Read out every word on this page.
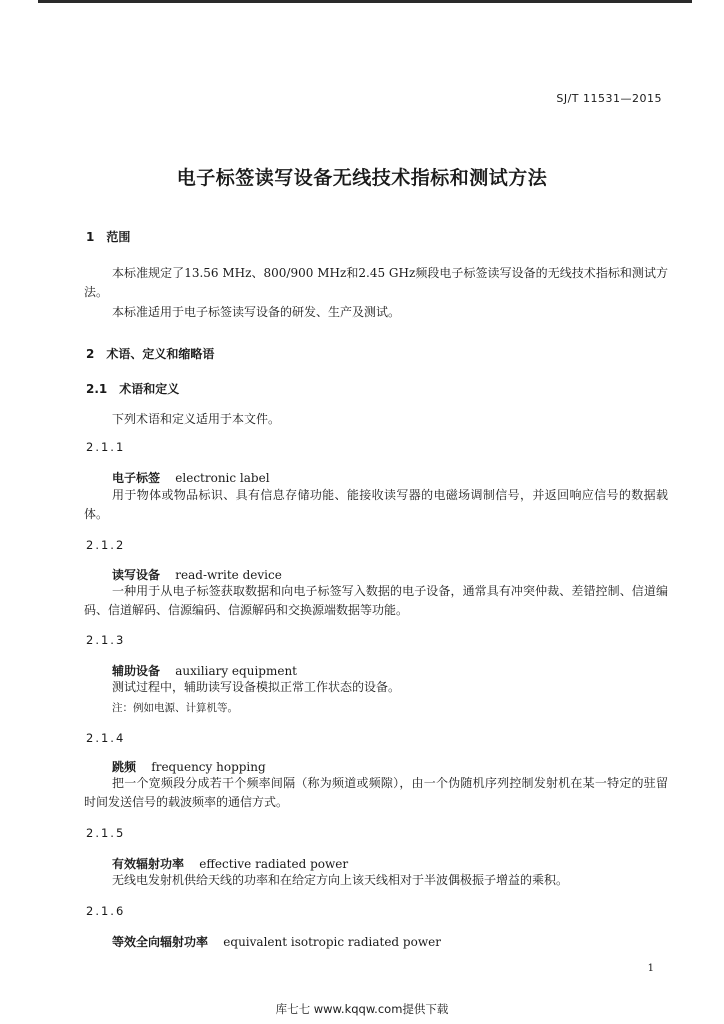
SJ/T 11531—2015
电子标签读写设备无线技术指标和测试方法
1　范围
本标准规定了13.56 MHz、800/900 MHz和2.45 GHz频段电子标签读写设备的无线技术指标和测试方法。
本标准适用于电子标签读写设备的研发、生产及测试。
2　术语、定义和缩略语
2.1　术语和定义
下列术语和定义适用于本文件。
2.1.1
电子标签 electronic label
用于物体或物品标识、具有信息存储功能、能接收读写器的电磁场调制信号，并返回响应信号的数据载体。
2.1.2
读写设备 read-write device
一种用于从电子标签获取数据和向电子标签写入数据的电子设备，通常具有冲突仲裁、差错控制、信道编码、信道解码、信源编码、信源解码和交换源端数据等功能。
2.1.3
辅助设备 auxiliary equipment
测试过程中，辅助读写设备模拟正常工作状态的设备。
注：例如电源、计算机等。
2.1.4
跳频 frequency hopping
把一个宽频段分成若干个频率间隔（称为频道或频隙），由一个伪随机序列控制发射机在某一特定的驻留时间发送信号的载波频率的通信方式。
2.1.5
有效辐射功率 effective radiated power
无线电发射机供给天线的功率和在给定方向上该天线相对于半波偶极振子增益的乘积。
2.1.6
等效全向辐射功率 equivalent isotropic radiated power
1
库七七 www.kqqw.com提供下载
